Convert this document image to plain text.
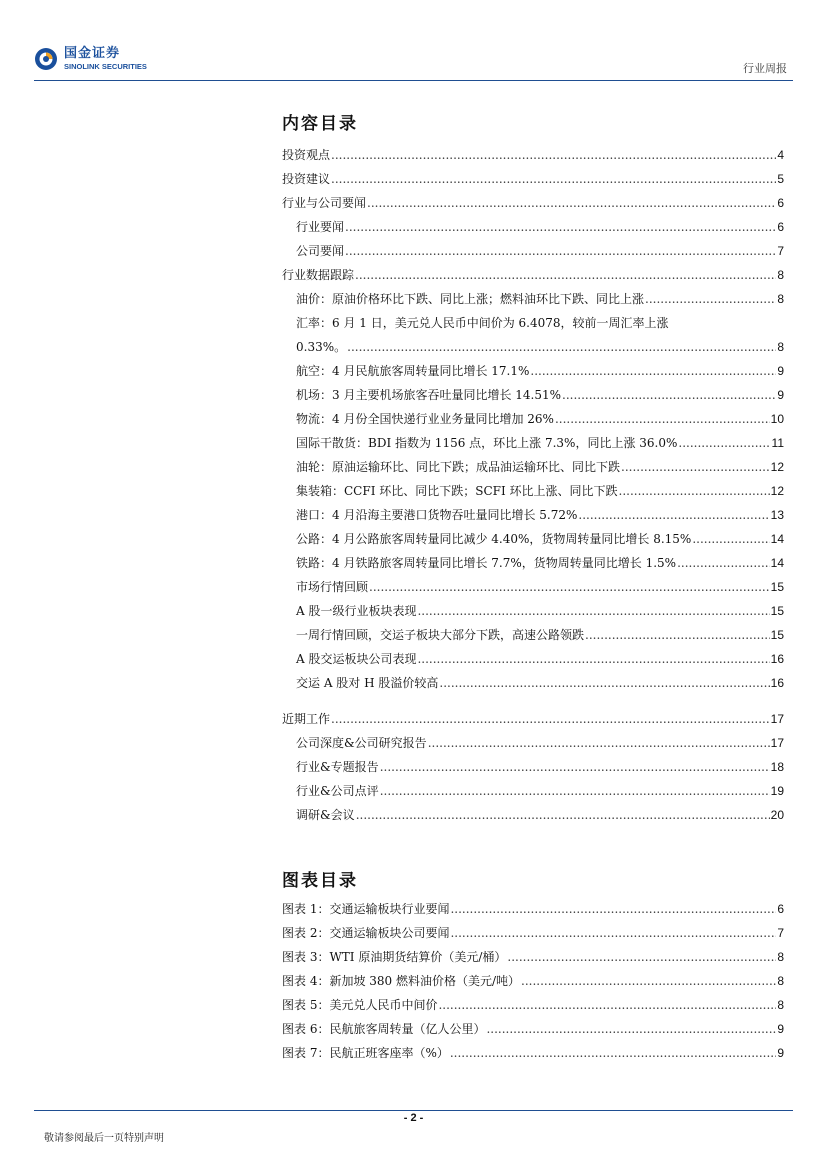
国金证券
SINOLINK SECURITIES	行业周报
内容目录
投资观点 .....	4
投资建议 .....	5
行业与公司要闻 .....	6
行业要闻 .....	6
公司要闻 .....	7
行业数据跟踪 .....	8
油价：原油价格环比下跌、同比上涨；燃料油环比下跌、同比上涨 .....	8
汇率：6 月 1 日，美元兑人民币中间价为 6.4078，较前一周汇率上涨
0.33%。 .....	8
航空：4 月民航旅客周转量同比增长 17.1% .....	9
机场：3 月主要机场旅客吞吐量同比增长 14.51% .....	9
物流：4 月份全国快递行业业务量同比增加 26% .....	10
国际干散货：BDI 指数为 1156 点，环比上涨 7.3%，同比上涨 36.0% .....	11
油轮：原油运输环比、同比下跌；成品油运输环比、同比下跌 .....	12
集装箱：CCFI 环比、同比下跌；SCFI 环比上涨、同比下跌 .....	12
港口：4 月沿海主要港口货物吞吐量同比增长 5.72% .....	13
公路：4 月公路旅客周转量同比减少 4.40%，货物周转量同比增长 8.15% .....	14
铁路：4 月铁路旅客周转量同比增长 7.7%，货物周转量同比增长 1.5% .....	14
市场行情回顾 .....	15
A 股一级行业板块表现 .....	15
一周行情回顾，交运子板块大部分下跌，高速公路领跌 .....	15
A 股交运板块公司表现 .....	16
交运 A 股对 H 股溢价较高 .....	16
近期工作 .....	17
公司深度&公司研究报告 .....	17
行业&专题报告 .....	18
行业&公司点评 .....	19
调研&会议 .....	20
图表目录
图表 1：交通运输板块行业要闻 .....	6
图表 2：交通运输板块公司要闻 .....	7
图表 3：WTI 原油期货结算价（美元/桶） .....	8
图表 4：新加坡 380 燃料油价格（美元/吨） .....	8
图表 5：美元兑人民币中间价 .....	8
图表 6：民航旅客周转量（亿人公里） .....	9
图表 7：民航正班客座率（%） .....	9
- 2 -
敬请参阅最后一页特别声明
